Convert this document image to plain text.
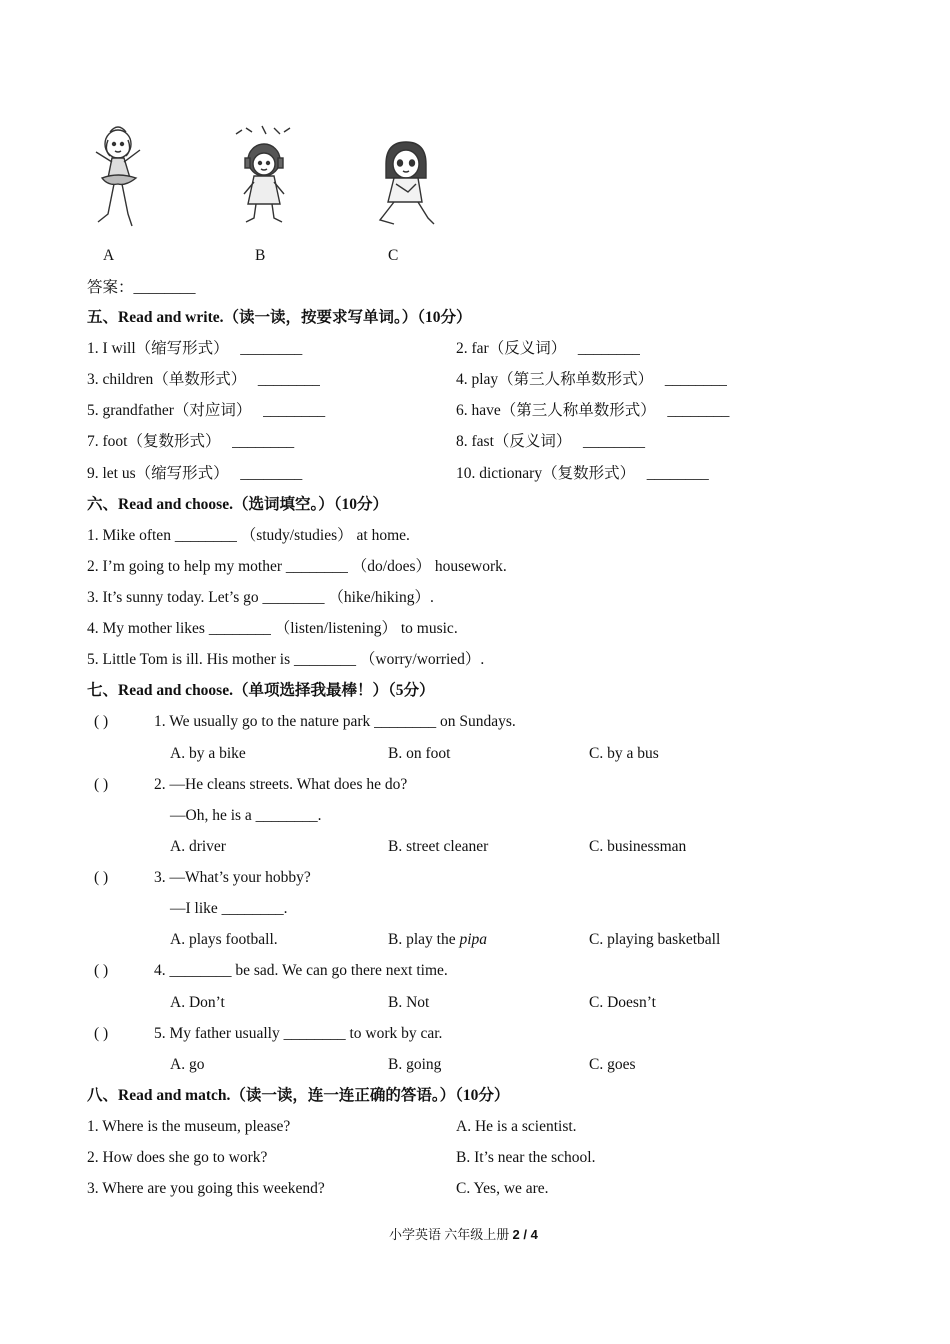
A	B	C
答案：________
五、Read and write.（读一读，按要求写单词。）（10分）
1. I will（缩写形式） ________	2. far（反义词） ________
3. children（单数形式） ________	4. play（第三人称单数形式） ________
5. grandfather（对应词） ________	6. have（第三人称单数形式） ________
7. foot（复数形式） ________	8. fast（反义词） ________
9. let us（缩写形式） ________	10. dictionary（复数形式） ________
六、Read and choose.（选词填空。）（10分）
1. Mike often ________ （study/studies） at home.
2. I’m going to help my mother ________ （do/does） housework.
3. It’s sunny today. Let’s go ________ （hike/hiking）.
4. My mother likes ________ （listen/listening） to music.
5. Little Tom is ill. His mother is ________ （worry/worried）.
七、Read and choose.（单项选择我最棒！）（5分）
( )	1. We usually go to the nature park ________ on Sundays.
A. by a bike	B. on foot	C. by a bus
( )	2. —He cleans streets. What does he do?
—Oh, he is a ________.
A. driver	B. street cleaner	C. businessman
( )	3. —What’s your hobby?
—I like ________.
A. plays football.	B. play the pipa	C. playing basketball
( )	4. ________ be sad. We can go there next time.
A. Don’t	B. Not	C. Doesn’t
( )	5. My father usually ________ to work by car.
A. go	B. going	C. goes
八、Read and match.（读一读，连一连正确的答语。）（10分）
1. Where is the museum, please?	A. He is a scientist.
2. How does she go to work?	B. It’s near the school.
3. Where are you going this weekend?	C. Yes, we are.
小学英语 六年级上册 2 / 4
